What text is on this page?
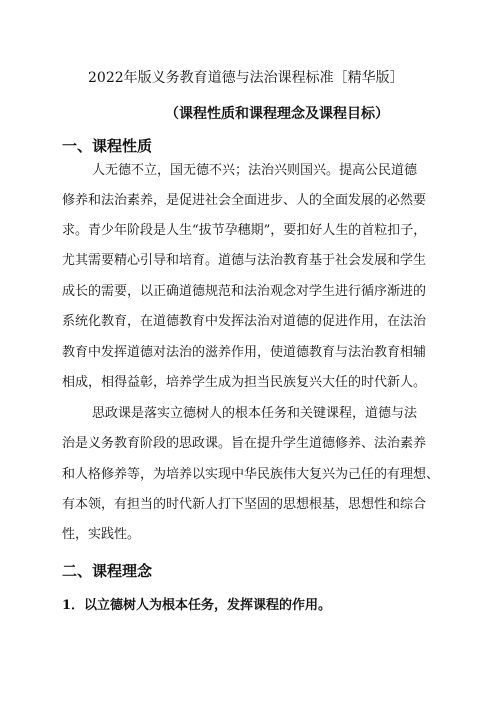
2022年版义务教育道德与法治课程标准［精华版］
（课程性质和课程理念及课程目标）
一、课程性质
人无德不立，国无德不兴；法治兴则国兴。提高公民道德
修养和法治素养，是促进社会全面进步、人的全面发展的必然要
求。青少年阶段是人生“拔节孕穗期”，要扣好人生的首粒扣子，
尤其需要精心引导和培育。道德与法治教育基于社会发展和学生
成长的需要，以正确道德规范和法治观念对学生进行循序渐进的
系统化教育，在道德教育中发挥法治对道德的促进作用，在法治
教育中发挥道德对法治的滋养作用，使道德教育与法治教育相辅
相成，相得益彰，培养学生成为担当民族复兴大任的时代新人。
思政课是落实立德树人的根本任务和关键课程，道德与法
治是义务教育阶段的思政课。旨在提升学生道德修养、法治素养
和人格修养等，为培养以实现中华民族伟大复兴为己任的有理想、
有本领，有担当的时代新人打下坚固的思想根基，思想性和综合
性，实践性。
二、课程理念
1．以立德树人为根本任务，发挥课程的作用。
